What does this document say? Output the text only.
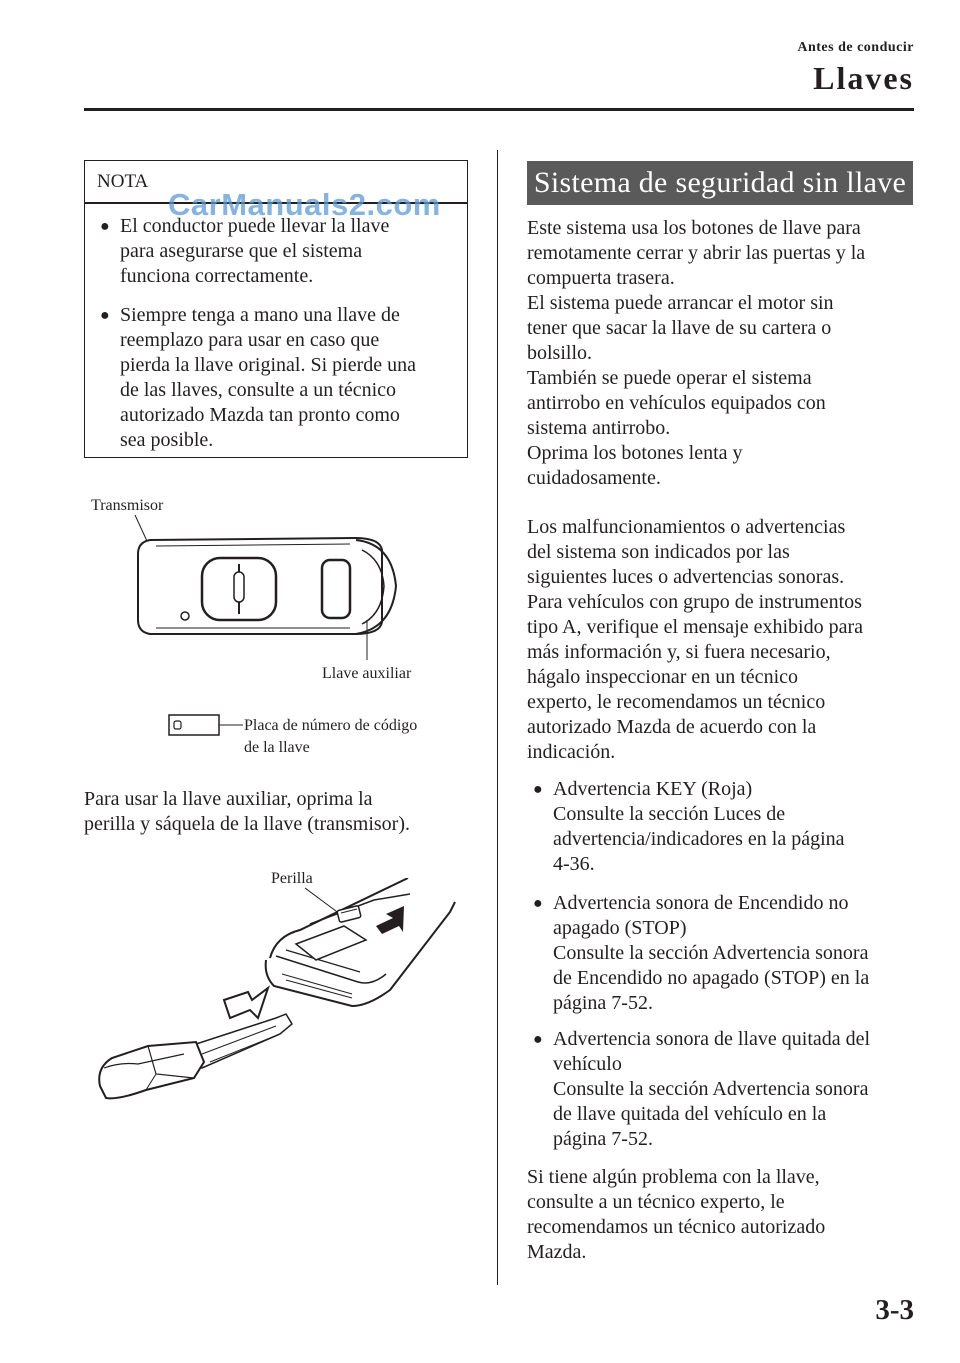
Antes de conducir
Llaves
NOTA
● El conductor puede llevar la llave
para asegurarse que el sistema
funciona correctamente.
● Siempre tenga a mano una llave de
reemplazo para usar en caso que
pierda la llave original. Si pierde una
de las llaves, consulte a un técnico
autorizado Mazda tan pronto como
sea posible.
CarManuals2.com
Transmisor
Llave auxiliar
Placa de número de código
de la llave
Para usar la llave auxiliar, oprima la
perilla y sáquela de la llave (transmisor).
Perilla
Sistema de seguridad sin llave
Este sistema usa los botones de llave para
remotamente cerrar y abrir las puertas y la
compuerta trasera.
El sistema puede arrancar el motor sin
tener que sacar la llave de su cartera o
bolsillo.
También se puede operar el sistema
antirrobo en vehículos equipados con
sistema antirrobo.
Oprima los botones lenta y
cuidadosamente.
Los malfuncionamientos o advertencias
del sistema son indicados por las
siguientes luces o advertencias sonoras.
Para vehículos con grupo de instrumentos
tipo A, verifique el mensaje exhibido para
más información y, si fuera necesario,
hágalo inspeccionar en un técnico
experto, le recomendamos un técnico
autorizado Mazda de acuerdo con la
indicación.
● Advertencia KEY (Roja)
Consulte la sección Luces de
advertencia/indicadores en la página
4-36.
● Advertencia sonora de Encendido no
apagado (STOP)
Consulte la sección Advertencia sonora
de Encendido no apagado (STOP) en la
página 7-52.
● Advertencia sonora de llave quitada del
vehículo
Consulte la sección Advertencia sonora
de llave quitada del vehículo en la
página 7-52.
Si tiene algún problema con la llave,
consulte a un técnico experto, le
recomendamos un técnico autorizado
Mazda.
3-3
